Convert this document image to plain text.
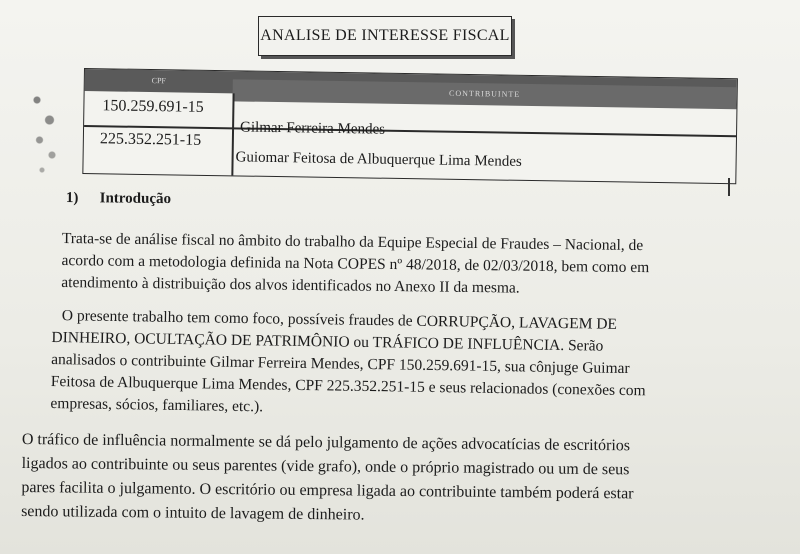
ANALISE DE INTERESSE FISCAL
CPF
CONTRIBUINTE
150.259.691-15
Gilmar Ferreira Mendes
225.352.251-15
Guiomar Feitosa de Albuquerque Lima Mendes
1) Introdução
Trata-se de análise fiscal no âmbito do trabalho da Equipe Especial de Fraudes – Nacional, de
acordo com a metodologia definida na Nota COPES nº 48/2018, de 02/03/2018, bem como em
atendimento à distribuição dos alvos identificados no Anexo II da mesma.
O presente trabalho tem como foco, possíveis fraudes de CORRUPÇÃO, LAVAGEM DE
DINHEIRO, OCULTAÇÃO DE PATRIMÔNIO ou TRÁFICO DE INFLUÊNCIA. Serão
analisados o contribuinte Gilmar Ferreira Mendes, CPF 150.259.691-15, sua cônjuge Guimar
Feitosa de Albuquerque Lima Mendes, CPF 225.352.251-15 e seus relacionados (conexões com
empresas, sócios, familiares, etc.).
O tráfico de influência normalmente se dá pelo julgamento de ações advocatícias de escritórios
ligados ao contribuinte ou seus parentes (vide grafo), onde o próprio magistrado ou um de seus
pares facilita o julgamento. O escritório ou empresa ligada ao contribuinte também poderá estar
sendo utilizada com o intuito de lavagem de dinheiro.
